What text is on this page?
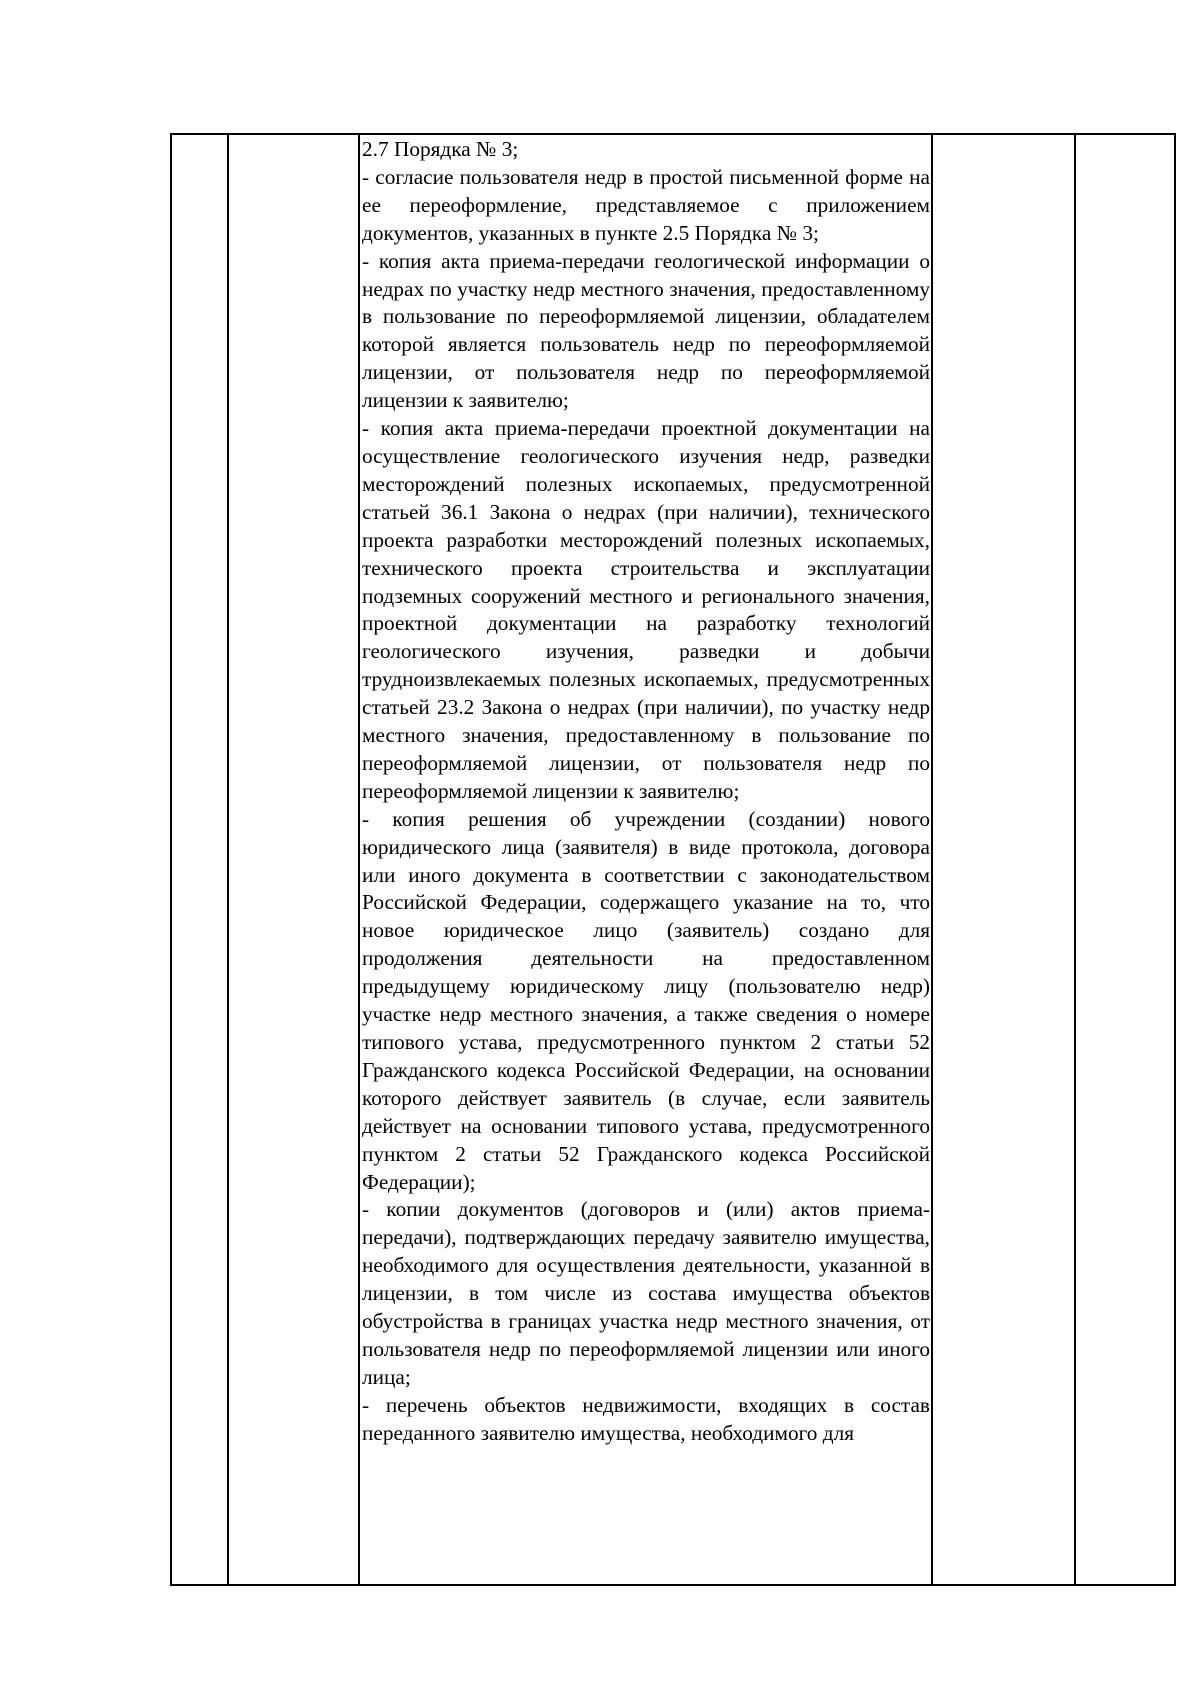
2.7 Порядка № 3;
- согласие пользователя недр в простой письменной форме на ее переоформление, представляемое с приложением документов, указанных в пункте 2.5 Порядка № 3;
- копия акта приема-передачи геологической информации о недрах по участку недр местного значения, предоставленному в пользование по переоформляемой лицензии, обладателем которой является пользователь недр по переоформляемой лицензии, от пользователя недр по переоформляемой лицензии к заявителю;
- копия акта приема-передачи проектной документации на осуществление геологического изучения недр, разведки месторождений полезных ископаемых, предусмотренной статьей 36.1 Закона о недрах (при наличии), технического проекта разработки месторождений полезных ископаемых, технического проекта строительства и эксплуатации подземных сооружений местного и регионального значения, проектной документации на разработку технологий геологического изучения, разведки и добычи трудноизвлекаемых полезных ископаемых, предусмотренных статьей 23.2 Закона о недрах (при наличии), по участку недр местного значения, предоставленному в пользование по переоформляемой лицензии, от пользователя недр по переоформляемой лицензии к заявителю;
- копия решения об учреждении (создании) нового юридического лица (заявителя) в виде протокола, договора или иного документа в соответствии с законодательством Российской Федерации, содержащего указание на то, что новое юридическое лицо (заявитель) создано для продолжения деятельности на предоставленном предыдущему юридическому лицу (пользователю недр) участке недр местного значения, а также сведения о номере типового устава, предусмотренного пунктом 2 статьи 52 Гражданского кодекса Российской Федерации, на основании которого действует заявитель (в случае, если заявитель действует на основании типового устава, предусмотренного пунктом 2 статьи 52 Гражданского кодекса Российской Федерации);
- копии документов (договоров и (или) актов приема-передачи), подтверждающих передачу заявителю имущества, необходимого для осуществления деятельности, указанной в лицензии, в том числе из состава имущества объектов обустройства в границах участка недр местного значения, от пользователя недр по переоформляемой лицензии или иного лица;
- перечень объектов недвижимости, входящих в состав переданного заявителю имущества, необходимого для
